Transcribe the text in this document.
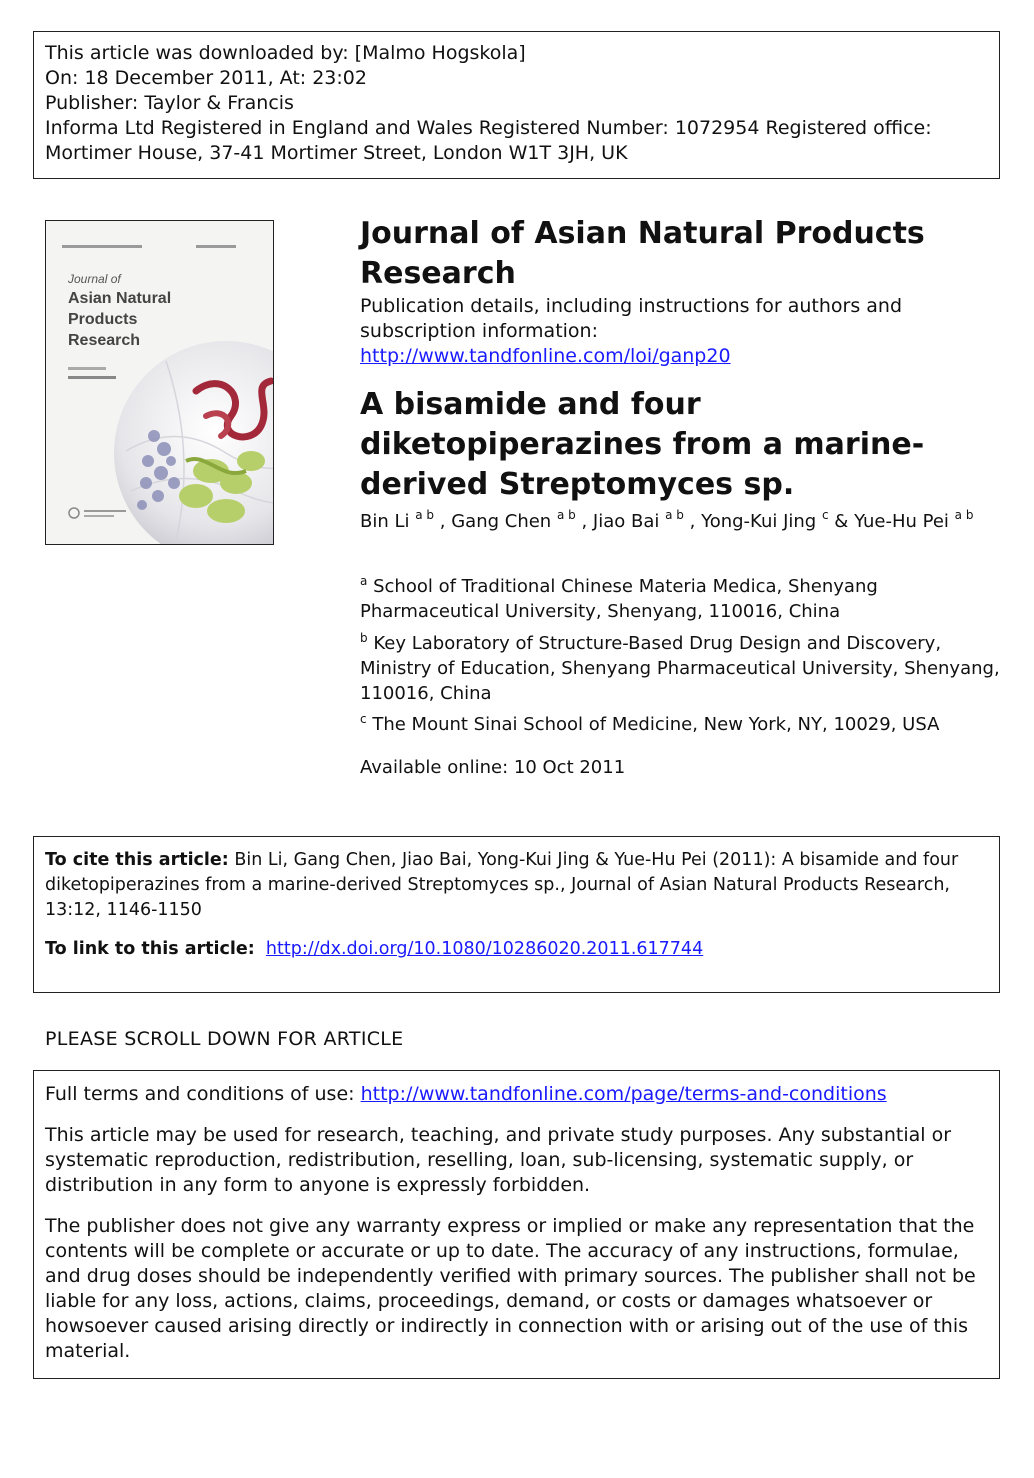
This article was downloaded by: [Malmo Hogskola]
On: 18 December 2011, At: 23:02
Publisher: Taylor & Francis
Informa Ltd Registered in England and Wales Registered Number: 1072954 Registered office: Mortimer House, 37-41 Mortimer Street, London W1T 3JH, UK
Journal of
Asian Natural
Products
Research
Journal of Asian Natural Products Research
Publication details, including instructions for authors and subscription information:
http://www.tandfonline.com/loi/ganp20
A bisamide and four diketopiperazines from a marine-derived Streptomyces sp.
Bin Li $^{a b}$ , Gang Chen $^{a b}$ , Jiao Bai $^{a b}$ , Yong-Kui Jing $^c$ & Yue-Hu Pei $^{a b}$
$^a$ School of Traditional Chinese Materia Medica, Shenyang Pharmaceutical University, Shenyang, 110016, China
$^b$ Key Laboratory of Structure-Based Drug Design and Discovery, Ministry of Education, Shenyang Pharmaceutical University, Shenyang, 110016, China
$^c$ The Mount Sinai School of Medicine, New York, NY, 10029, USA
Available online: 10 Oct 2011
To cite this article: Bin Li, Gang Chen, Jiao Bai, Yong-Kui Jing & Yue-Hu Pei (2011): A bisamide and four diketopiperazines from a marine-derived Streptomyces sp., Journal of Asian Natural Products Research, 13:12, 1146-1150
To link to this article: http://dx.doi.org/10.1080/10286020.2011.617744
PLEASE SCROLL DOWN FOR ARTICLE
Full terms and conditions of use: http://www.tandfonline.com/page/terms-and-conditions
This article may be used for research, teaching, and private study purposes. Any substantial or systematic reproduction, redistribution, reselling, loan, sub-licensing, systematic supply, or distribution in any form to anyone is expressly forbidden.
The publisher does not give any warranty express or implied or make any representation that the contents will be complete or accurate or up to date. The accuracy of any instructions, formulae, and drug doses should be independently verified with primary sources. The publisher shall not be liable for any loss, actions, claims, proceedings, demand, or costs or damages whatsoever or howsoever caused arising directly or indirectly in connection with or arising out of the use of this material.
